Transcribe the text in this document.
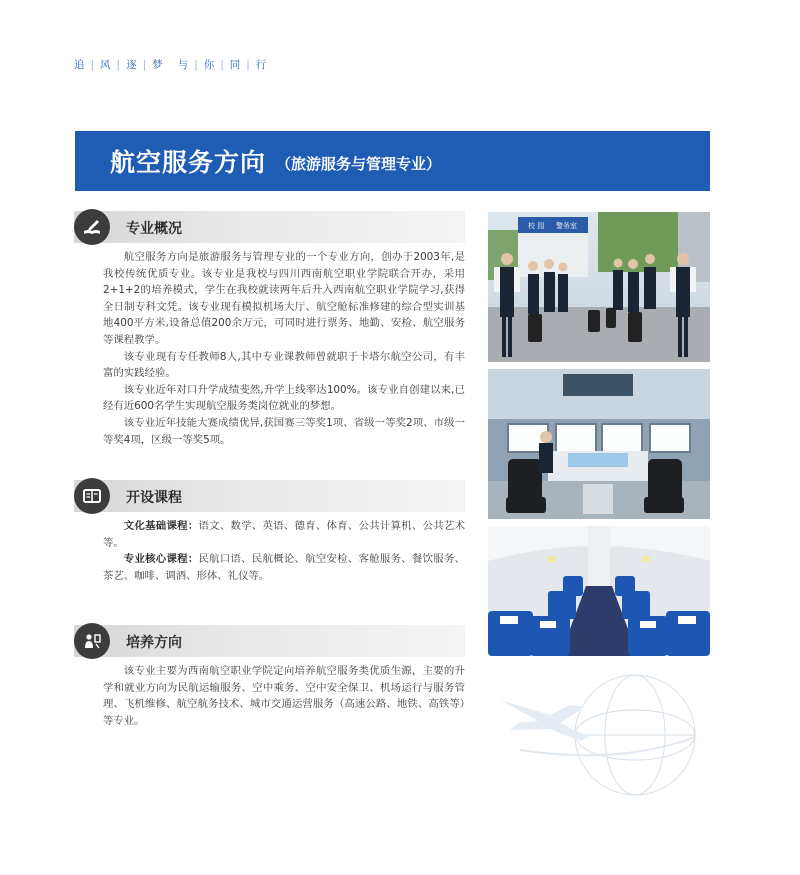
追 | 风 | 逐 | 梦 与 | 你 | 同 | 行
航空服务方向 （旅游服务与管理专业）
专业概况

航空服务方向是旅游服务与管理专业的一个专业方向，创办于2003年,是我校传统优质专业。该专业是我校与四川西南航空职业学院联合开办，采用2+1+2的培养模式，学生在我校就读两年后升入西南航空职业学院学习,获得全日制专科文凭。该专业现有模拟机场大厅、航空舱标准修建的综合型实训基地400平方米,设备总值200余万元，可同时进行票务、地勤、安检、航空服务等课程教学。

该专业现有专任教师8人,其中专业课教师曾就职于卡塔尔航空公司，有丰富的实践经验。

该专业近年对口升学成绩斐然,升学上线率达100%。该专业自创建以来,已经有近600名学生实现航空服务类岗位就业的梦想。

该专业近年技能大赛成绩优异,获国赛三等奖1项、省级一等奖2项、市级一等奖4项，区级一等奖5项。

开设课程

文化基础课程：语文、数学、英语、德育、体育、公共计算机、公共艺术等。

专业核心课程：民航口语、民航概论、航空安检、客舱服务、餐饮服务、茶艺、咖啡、调酒、形体、礼仪等。

培养方向

该专业主要为西南航空职业学院定向培养航空服务类优质生源，主要的升学和就业方向为民航运输服务、空中乘务、空中安全保卫、机场运行与服务管理、飞机维修、航空航务技术、城市交通运营服务（高速公路、地铁、高铁等）等专业。

校 园 警务室
